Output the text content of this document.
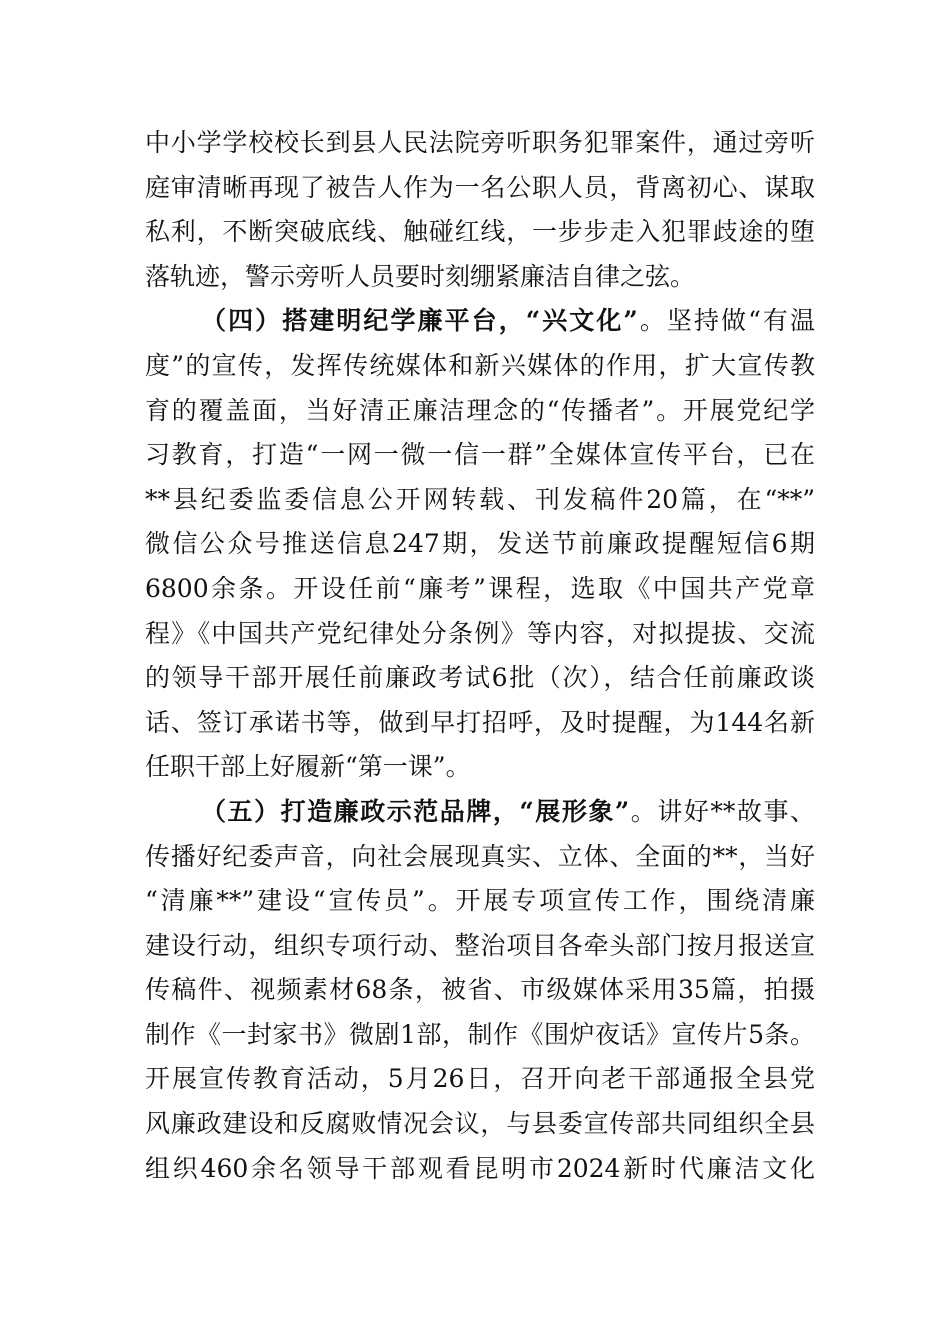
中小学学校校长到县人民法院旁听职务犯罪案件，通过旁听
庭审清晰再现了被告人作为一名公职人员，背离初心、谋取
私利，不断突破底线、触碰红线，一步步走入犯罪歧途的堕
落轨迹，警示旁听人员要时刻绷紧廉洁自律之弦。
（四）搭建明纪学廉平台，“兴文化”。坚持做“有温
度”的宣传，发挥传统媒体和新兴媒体的作用，扩大宣传教
育的覆盖面，当好清正廉洁理念的“传播者”。开展党纪学
习教育，打造“一网一微一信一群”全媒体宣传平台，已在
**县纪委监委信息公开网转载、刊发稿件20篇，在“**”
微信公众号推送信息247期，发送节前廉政提醒短信6期
6800余条。开设任前“廉考”课程，选取《中国共产党章
程》《中国共产党纪律处分条例》等内容，对拟提拔、交流
的领导干部开展任前廉政考试6批（次），结合任前廉政谈
话、签订承诺书等，做到早打招呼，及时提醒，为144名新
任职干部上好履新“第一课”。
（五）打造廉政示范品牌，“展形象”。讲好**故事、
传播好纪委声音，向社会展现真实、立体、全面的**，当好
“清廉**”建设“宣传员”。开展专项宣传工作，围绕清廉
建设行动，组织专项行动、整治项目各牵头部门按月报送宣
传稿件、视频素材68条，被省、市级媒体采用35篇，拍摄
制作《一封家书》微剧1部，制作《围炉夜话》宣传片5条。
开展宣传教育活动，5月26日，召开向老干部通报全县党
风廉政建设和反腐败情况会议，与县委宣传部共同组织全县
组织460余名领导干部观看昆明市2024新时代廉洁文化
